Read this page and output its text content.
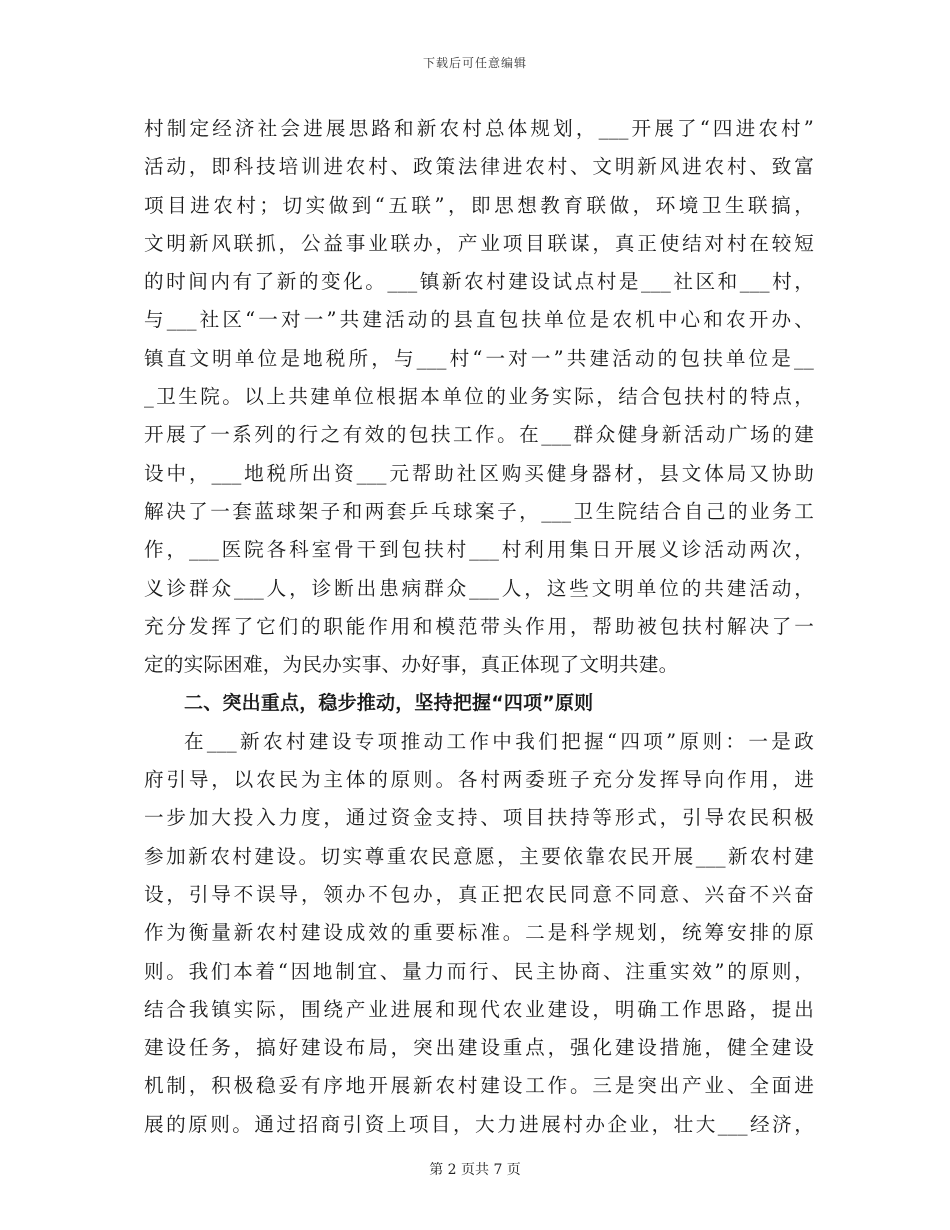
下载后可任意编辑
村制定经济社会进展思路和新农村总体规划，___开展了“四进农村”
活动，即科技培训进农村、政策法律进农村、文明新风进农村、致富
项目进农村；切实做到“五联”，即思想教育联做，环境卫生联搞，
文明新风联抓，公益事业联办，产业项目联谋，真正使结对村在较短
的时间内有了新的变化。___镇新农村建设试点村是___社区和___村，
与___社区“一对一”共建活动的县直包扶单位是农机中心和农开办、
镇直文明单位是地税所，与___村“一对一”共建活动的包扶单位是__
_卫生院。以上共建单位根据本单位的业务实际，结合包扶村的特点，
开展了一系列的行之有效的包扶工作。在___群众健身新活动广场的建
设中，___地税所出资___元帮助社区购买健身器材，县文体局又协助
解决了一套蓝球架子和两套乒乓球案子，___卫生院结合自己的业务工
作，___医院各科室骨干到包扶村___村利用集日开展义诊活动两次，
义诊群众___人，诊断出患病群众___人，这些文明单位的共建活动，
充分发挥了它们的职能作用和模范带头作用，帮助被包扶村解决了一
定的实际困难，为民办实事、办好事，真正体现了文明共建。
二、突出重点，稳步推动，坚持把握“四项”原则
在___新农村建设专项推动工作中我们把握“四项”原则：一是政
府引导，以农民为主体的原则。各村两委班子充分发挥导向作用，进
一步加大投入力度，通过资金支持、项目扶持等形式，引导农民积极
参加新农村建设。切实尊重农民意愿，主要依靠农民开展___新农村建
设，引导不误导，领办不包办，真正把农民同意不同意、兴奋不兴奋
作为衡量新农村建设成效的重要标准。二是科学规划，统筹安排的原
则。我们本着“因地制宜、量力而行、民主协商、注重实效”的原则，
结合我镇实际，围绕产业进展和现代农业建设，明确工作思路，提出
建设任务，搞好建设布局，突出建设重点，强化建设措施，健全建设
机制，积极稳妥有序地开展新农村建设工作。三是突出产业、全面进
展的原则。通过招商引资上项目，大力进展村办企业，壮大___经济，
第 2 页共 7 页
